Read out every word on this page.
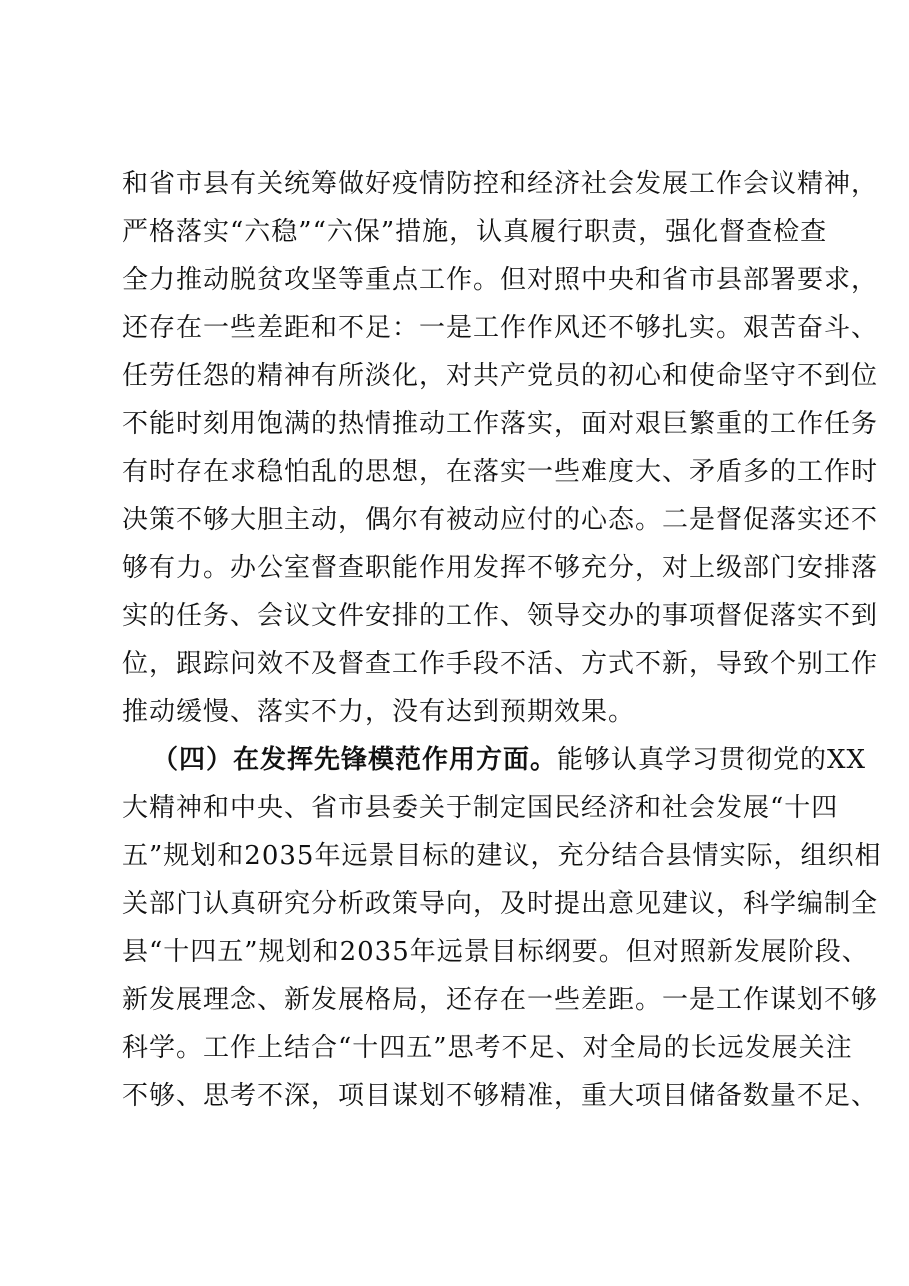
和省市县有关统筹做好疫情防控和经济社会发展工作会议精神，
严格落实“六稳”“六保”措施，认真履行职责，强化督查检查
全力推动脱贫攻坚等重点工作。但对照中央和省市县部署要求，
还存在一些差距和不足：一是工作作风还不够扎实。艰苦奋斗、
任劳任怨的精神有所淡化，对共产党员的初心和使命坚守不到位
不能时刻用饱满的热情推动工作落实，面对艰巨繁重的工作任务
有时存在求稳怕乱的思想，在落实一些难度大、矛盾多的工作时
决策不够大胆主动，偶尔有被动应付的心态。二是督促落实还不
够有力。办公室督查职能作用发挥不够充分，对上级部门安排落
实的任务、会议文件安排的工作、领导交办的事项督促落实不到
位，跟踪问效不及督查工作手段不活、方式不新，导致个别工作
推动缓慢、落实不力，没有达到预期效果。
（四）在发挥先锋模范作用方面。能够认真学习贯彻党的XX
大精神和中央、省市县委关于制定国民经济和社会发展“十四
五”规划和2035年远景目标的建议，充分结合县情实际，组织相
关部门认真研究分析政策导向，及时提出意见建议，科学编制全
县“十四五”规划和2035年远景目标纲要。但对照新发展阶段、
新发展理念、新发展格局，还存在一些差距。一是工作谋划不够
科学。工作上结合“十四五”思考不足、对全局的长远发展关注
不够、思考不深，项目谋划不够精准，重大项目储备数量不足、
